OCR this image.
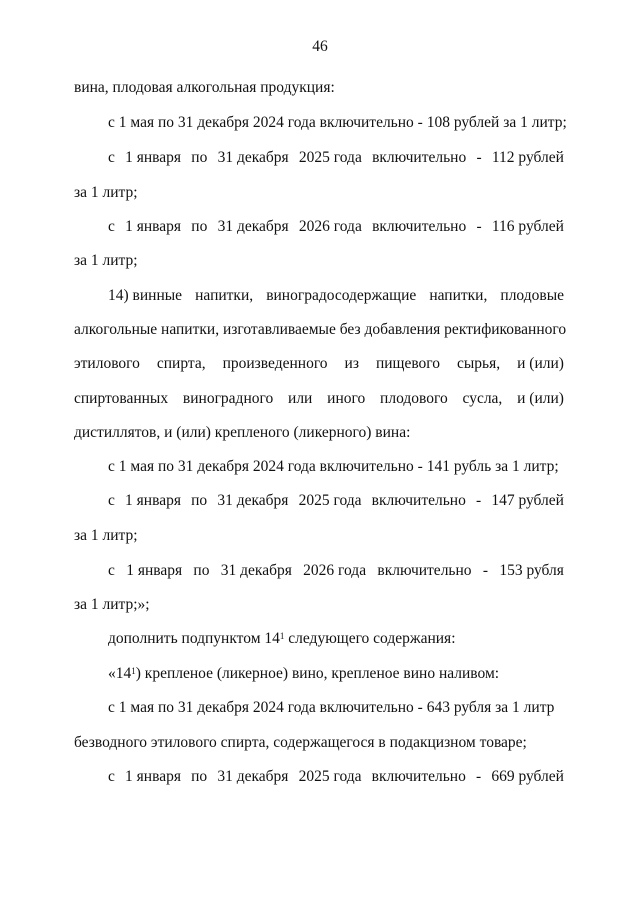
46
вина, плодовая алкогольная продукция:
с 1 мая по 31 декабря 2024 года включительно - 108 рублей за 1 литр;
с 1 января по 31 декабря 2025 года включительно - 112 рублей
за 1 литр;
с 1 января по 31 декабря 2026 года включительно - 116 рублей
за 1 литр;
14) винные напитки, виноградосодержащие напитки, плодовые
алкогольные напитки, изготавливаемые без добавления ректификованного
этилового спирта, произведенного из пищевого сырья, и (или)
спиртованных виноградного или иного плодового сусла, и (или)
дистиллятов, и (или) крепленого (ликерного) вина:
с 1 мая по 31 декабря 2024 года включительно - 141 рубль за 1 литр;
с 1 января по 31 декабря 2025 года включительно - 147 рублей
за 1 литр;
с 1 января по 31 декабря 2026 года включительно - 153 рубля
за 1 литр;»;
дополнить подпунктом $14^1$ следующего содержания:
«$14^1$) крепленое (ликерное) вино, крепленое вино наливом:
с 1 мая по 31 декабря 2024 года включительно - 643 рубля за 1 литр
безводного этилового спирта, содержащегося в подакцизном товаре;
с 1 января по 31 декабря 2025 года включительно - 669 рублей
